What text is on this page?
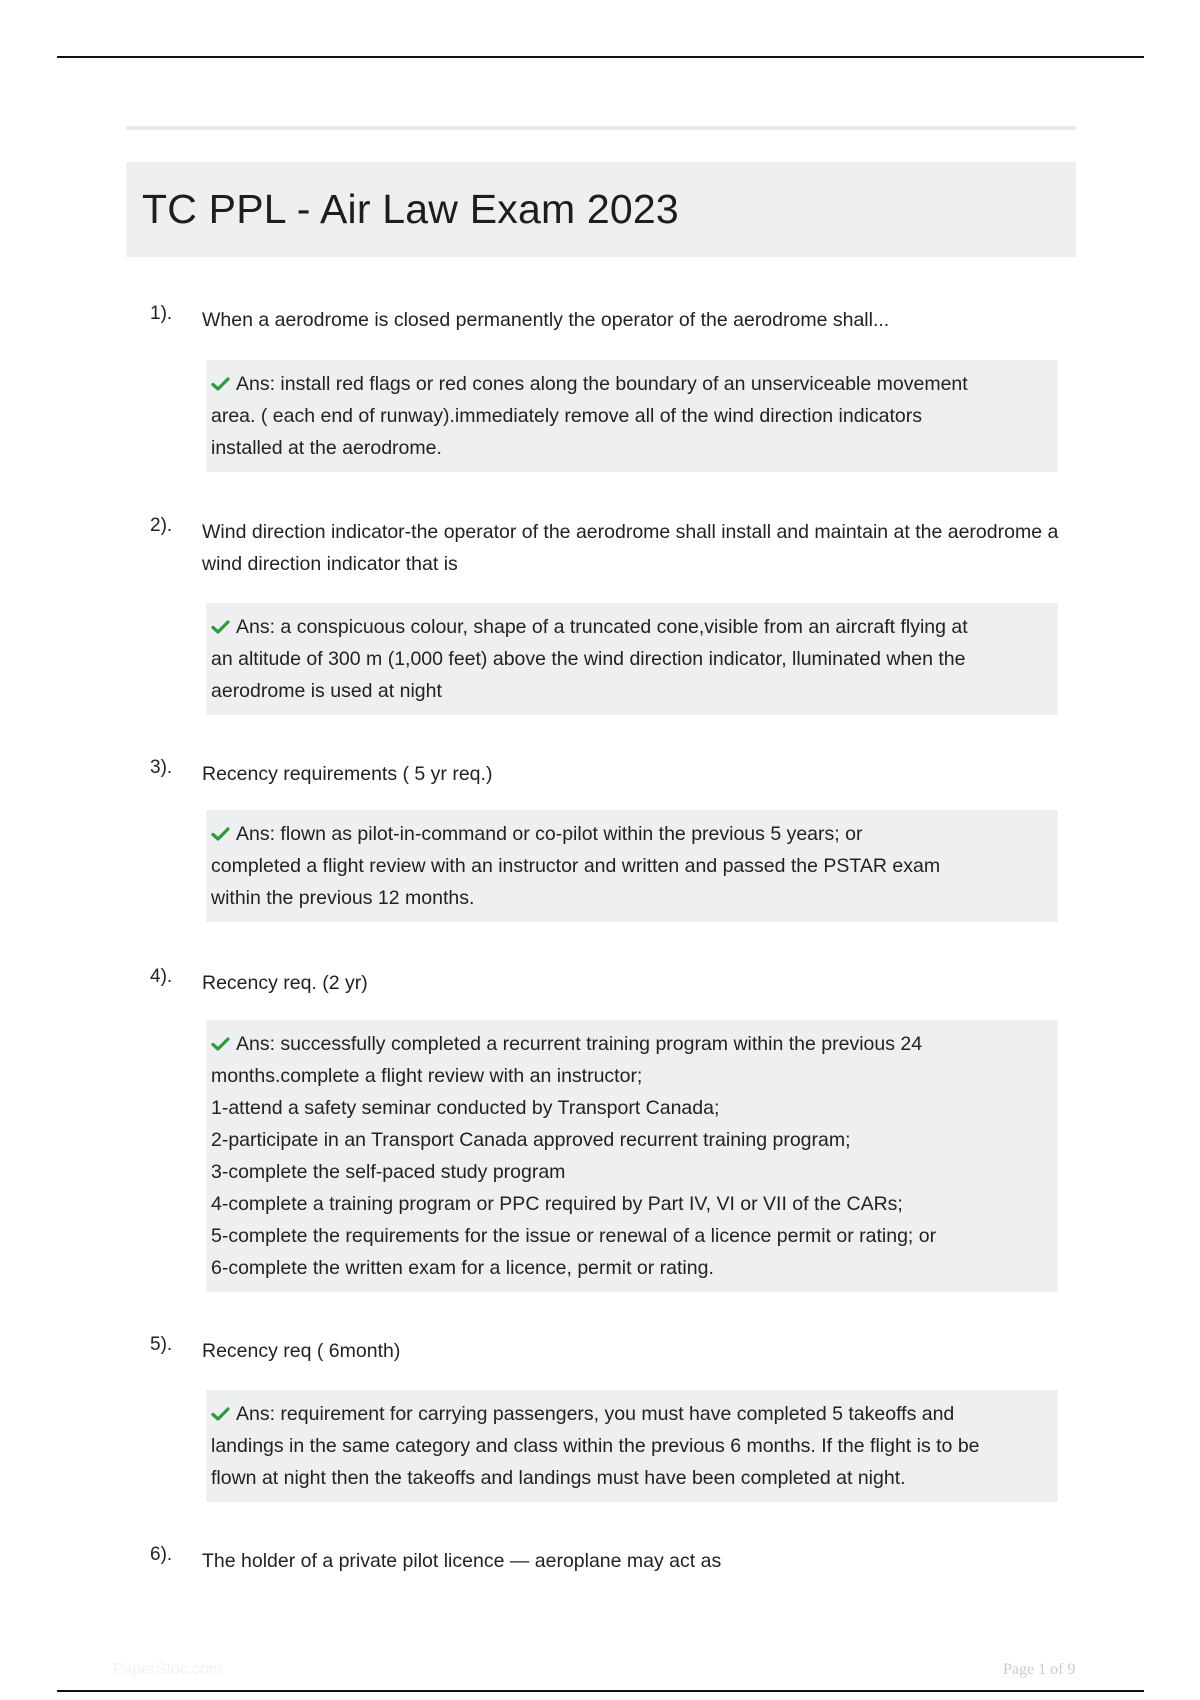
TC PPL - Air Law Exam 2023
1). When a aerodrome is closed permanently the operator of the aerodrome shall...
Ans: install red flags or red cones along the boundary of an unserviceable movement
area. ( each end of runway).immediately remove all of the wind direction indicators
installed at the aerodrome.
2). Wind direction indicator-the operator of the aerodrome shall install and maintain at the aerodrome a wind direction indicator that is
Ans: a conspicuous colour, shape of a truncated cone,visible from an aircraft flying at
an altitude of 300 m (1,000 feet) above the wind direction indicator, lluminated when the
aerodrome is used at night
3). Recency requirements ( 5 yr req.)
Ans: flown as pilot-in-command or co-pilot within the previous 5 years; or
completed a flight review with an instructor and written and passed the PSTAR exam
within the previous 12 months.
4). Recency req. (2 yr)
Ans: successfully completed a recurrent training program within the previous 24
months.complete a flight review with an instructor;
1-attend a safety seminar conducted by Transport Canada;
2-participate in an Transport Canada approved recurrent training program;
3-complete the self-paced study program
4-complete a training program or PPC required by Part IV, VI or VII of the CARs;
5-complete the requirements for the issue or renewal of a licence permit or rating; or
6-complete the written exam for a licence, permit or rating.
5). Recency req ( 6month)
Ans: requirement for carrying passengers, you must have completed 5 takeoffs and
landings in the same category and class within the previous 6 months. If the flight is to be
flown at night then the takeoffs and landings must have been completed at night.
6). The holder of a private pilot licence — aeroplane may act as
PaperStoc.com	Page 1 of 9
